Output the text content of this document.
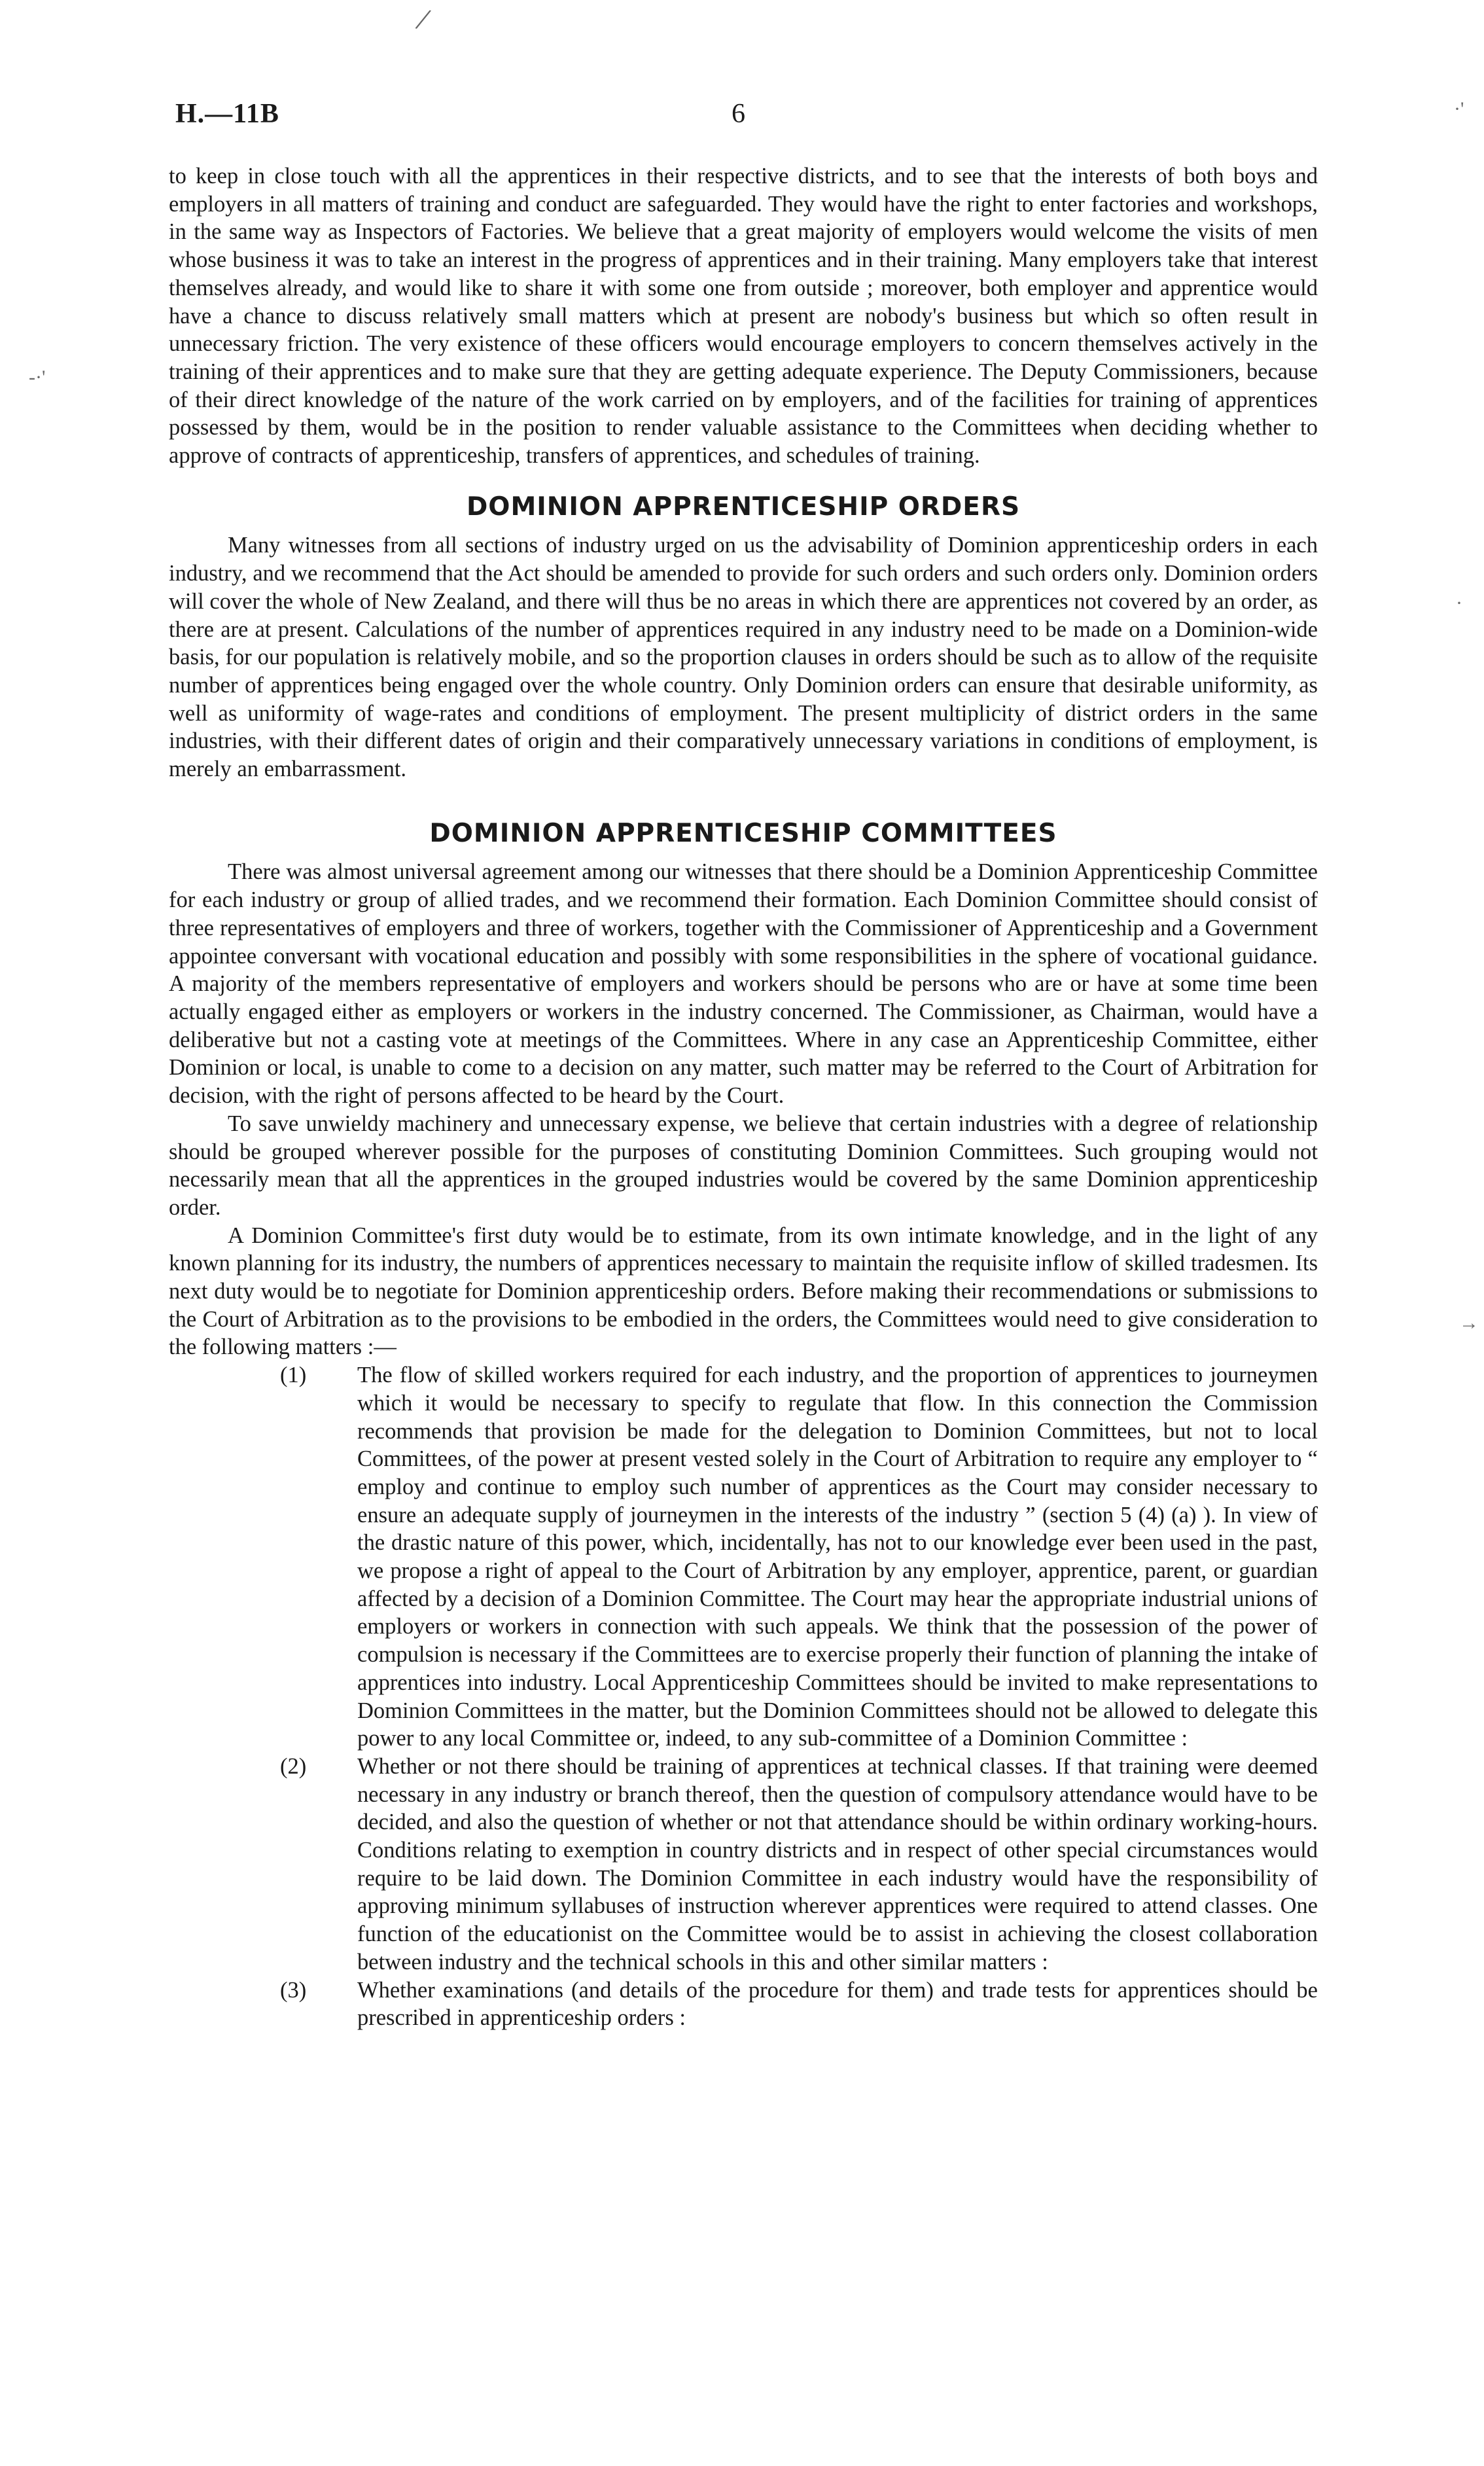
/
·'
-·'
·
→
H.—11B	6

to keep in close touch with all the apprentices in their respective districts, and to see that the interests of both boys and employers in all matters of training and conduct are safeguarded. They would have the right to enter factories and workshops, in the same way as Inspectors of Factories. We believe that a great majority of employers would welcome the visits of men whose business it was to take an interest in the progress of apprentices and in their training. Many employers take that interest themselves already, and would like to share it with some one from outside ; moreover, both employer and apprentice would have a chance to discuss relatively small matters which at present are nobody's business but which so often result in unnecessary friction. The very existence of these officers would encourage employers to concern themselves actively in the training of their apprentices and to make sure that they are getting adequate experience. The Deputy Commissioners, because of their direct knowledge of the nature of the work carried on by employers, and of the facilities for training of apprentices possessed by them, would be in the position to render valuable assistance to the Committees when deciding whether to approve of contracts of apprenticeship, transfers of apprentices, and schedules of training.

DOMINION APPRENTICESHIP ORDERS

Many witnesses from all sections of industry urged on us the advisability of Dominion apprenticeship orders in each industry, and we recommend that the Act should be amended to provide for such orders and such orders only. Dominion orders will cover the whole of New Zealand, and there will thus be no areas in which there are apprentices not covered by an order, as there are at present. Calculations of the number of apprentices required in any industry need to be made on a Dominion-wide basis, for our population is relatively mobile, and so the proportion clauses in orders should be such as to allow of the requisite number of apprentices being engaged over the whole country. Only Dominion orders can ensure that desirable uniformity, as well as uniformity of wage-rates and conditions of employment. The present multiplicity of district orders in the same industries, with their different dates of origin and their comparatively unnecessary variations in conditions of employment, is merely an embarrassment.

DOMINION APPRENTICESHIP COMMITTEES

There was almost universal agreement among our witnesses that there should be a Dominion Apprenticeship Committee for each industry or group of allied trades, and we recommend their formation. Each Dominion Committee should consist of three representatives of employers and three of workers, together with the Commissioner of Apprenticeship and a Government appointee conversant with vocational education and possibly with some responsibilities in the sphere of vocational guidance. A majority of the members representative of employers and workers should be persons who are or have at some time been actually engaged either as employers or workers in the industry concerned. The Commissioner, as Chairman, would have a deliberative but not a casting vote at meetings of the Committees. Where in any case an Apprenticeship Committee, either Dominion or local, is unable to come to a decision on any matter, such matter may be referred to the Court of Arbitration for decision, with the right of persons affected to be heard by the Court.

To save unwieldy machinery and unnecessary expense, we believe that certain industries with a degree of relationship should be grouped wherever possible for the purposes of constituting Dominion Committees. Such grouping would not necessarily mean that all the apprentices in the grouped industries would be covered by the same Dominion apprenticeship order.

A Dominion Committee's first duty would be to estimate, from its own intimate knowledge, and in the light of any known planning for its industry, the numbers of apprentices necessary to maintain the requisite inflow of skilled tradesmen. Its next duty would be to negotiate for Dominion apprenticeship orders. Before making their recommendations or submissions to the Court of Arbitration as to the provisions to be embodied in the orders, the Committees would need to give consideration to the following matters :—

(1) The flow of skilled workers required for each industry, and the proportion of apprentices to journeymen which it would be necessary to specify to regulate that flow. In this connection the Commission recommends that provision be made for the delegation to Dominion Committees, but not to local Committees, of the power at present vested solely in the Court of Arbitration to require any employer to “ employ and continue to employ such number of apprentices as the Court may consider necessary to ensure an adequate supply of journeymen in the interests of the industry ” (section 5 (4) (a) ). In view of the drastic nature of this power, which, incidentally, has not to our knowledge ever been used in the past, we propose a right of appeal to the Court of Arbitration by any employer, apprentice, parent, or guardian affected by a decision of a Dominion Committee. The Court may hear the appropriate industrial unions of employers or workers in connection with such appeals. We think that the possession of the power of compulsion is necessary if the Committees are to exercise properly their function of planning the intake of apprentices into industry. Local Apprenticeship Committees should be invited to make representations to Dominion Committees in the matter, but the Dominion Committees should not be allowed to delegate this power to any local Committee or, indeed, to any sub-committee of a Dominion Committee :
(2) Whether or not there should be training of apprentices at technical classes. If that training were deemed necessary in any industry or branch thereof, then the question of compulsory attendance would have to be decided, and also the question of whether or not that attendance should be within ordinary working-hours. Conditions relating to exemption in country districts and in respect of other special circumstances would require to be laid down. The Dominion Committee in each industry would have the responsibility of approving minimum syllabuses of instruction wherever apprentices were required to attend classes. One function of the educationist on the Committee would be to assist in achieving the closest collaboration between industry and the technical schools in this and other similar matters :
(3) Whether examinations (and details of the procedure for them) and trade tests for apprentices should be prescribed in apprenticeship orders :
